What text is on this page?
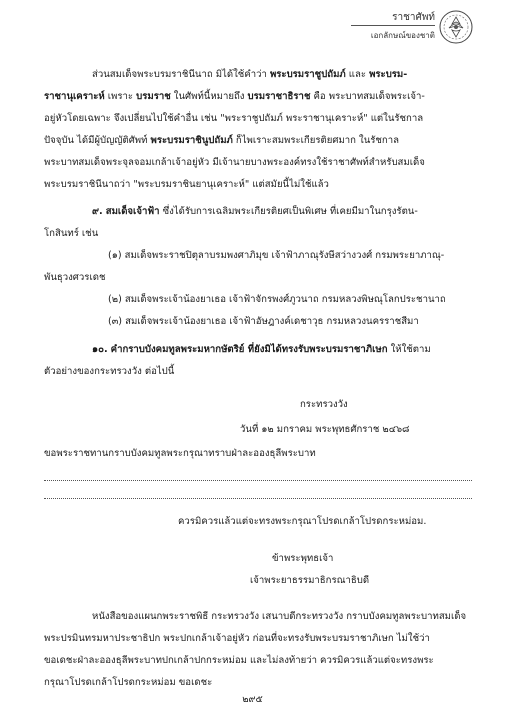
ราชาศัพท์
เอกลักษณ์ของชาติ
ส่วนสมเด็จพระบรมราชินีนาถ มิได้ใช้คำว่า พระบรมราชูปถัมภ์ และ พระบรม-
ราชานุเคราะห์ เพราะ บรมราช ในศัพท์นี้หมายถึง บรมราชาธิราช คือ พระบาทสมเด็จพระเจ้า-
อยู่หัวโดยเฉพาะ จึงเปลี่ยนไปใช้คำอื่น เช่น "พระราชูปถัมภ์ พระราชานุเคราะห์" แต่ในรัชกาล
ปัจจุบัน ได้มีผู้บัญญัติศัพท์ พระบรมราชินูปถัมภ์ ก็ไพเราะสมพระเกียรติยศมาก ในรัชกาล
พระบาทสมเด็จพระจุลจอมเกล้าเจ้าอยู่หัว มีเจ้านายบางพระองค์ทรงใช้ราชาศัพท์สำหรับสมเด็จ
พระบรมราชินีนาถว่า "พระบรมราชินยานุเคราะห์" แต่สมัยนี้ไม่ใช้แล้ว
๙. สมเด็จเจ้าฟ้า ซึ่งได้รับการเฉลิมพระเกียรติยศเป็นพิเศษ ที่เคยมีมาในกรุงรัตน-
โกสินทร์ เช่น
(๑) สมเด็จพระราชปิตุลาบรมพงศาภิมุข เจ้าฟ้าภาณุรังษีสว่างวงศ์ กรมพระยาภาณุ-
พันธุวงศวรเดช
(๒) สมเด็จพระเจ้าน้องยาเธอ เจ้าฟ้าจักรพงศ์ภูวนาถ กรมหลวงพิษณุโลกประชานาถ
(๓) สมเด็จพระเจ้าน้องยาเธอ เจ้าฟ้าอัษฎางค์เดชาวุธ กรมหลวงนครราชสีมา
๑๐. คำกราบบังคมทูลพระมหากษัตริย์ ที่ยังมิได้ทรงรับพระบรมราชาภิเษก ให้ใช้ตาม
ตัวอย่างของกระทรวงวัง ต่อไปนี้
กระทรวงวัง
วันที่ ๑๒ มกราคม พระพุทธศักราช ๒๔๖๘
ขอพระราชทานกราบบังคมทูลพระกรุณาทราบฝ่าละอองธุลีพระบาท
ควรมิควรแล้วแต่จะทรงพระกรุณาโปรดเกล้าโปรดกระหม่อม.
ข้าพระพุทธเจ้า
เจ้าพระยาธรรมาธิกรณาธิบดี
หนังสือของแผนกพระราชพิธี กระทรวงวัง เสนาบดีกระทรวงวัง กราบบังคมทูลพระบาทสมเด็จ
พระปรมินทรมหาประชาธิปก พระปกเกล้าเจ้าอยู่หัว ก่อนที่จะทรงรับพระบรมราชาภิเษก ไม่ใช้ว่า
ขอเดชะฝ่าละอองธุลีพระบาทปกเกล้าปกกระหม่อม และไม่ลงท้ายว่า ควรมิควรแล้วแต่จะทรงพระ
กรุณาโปรดเกล้าโปรดกระหม่อม ขอเดชะ
๒๙๕
